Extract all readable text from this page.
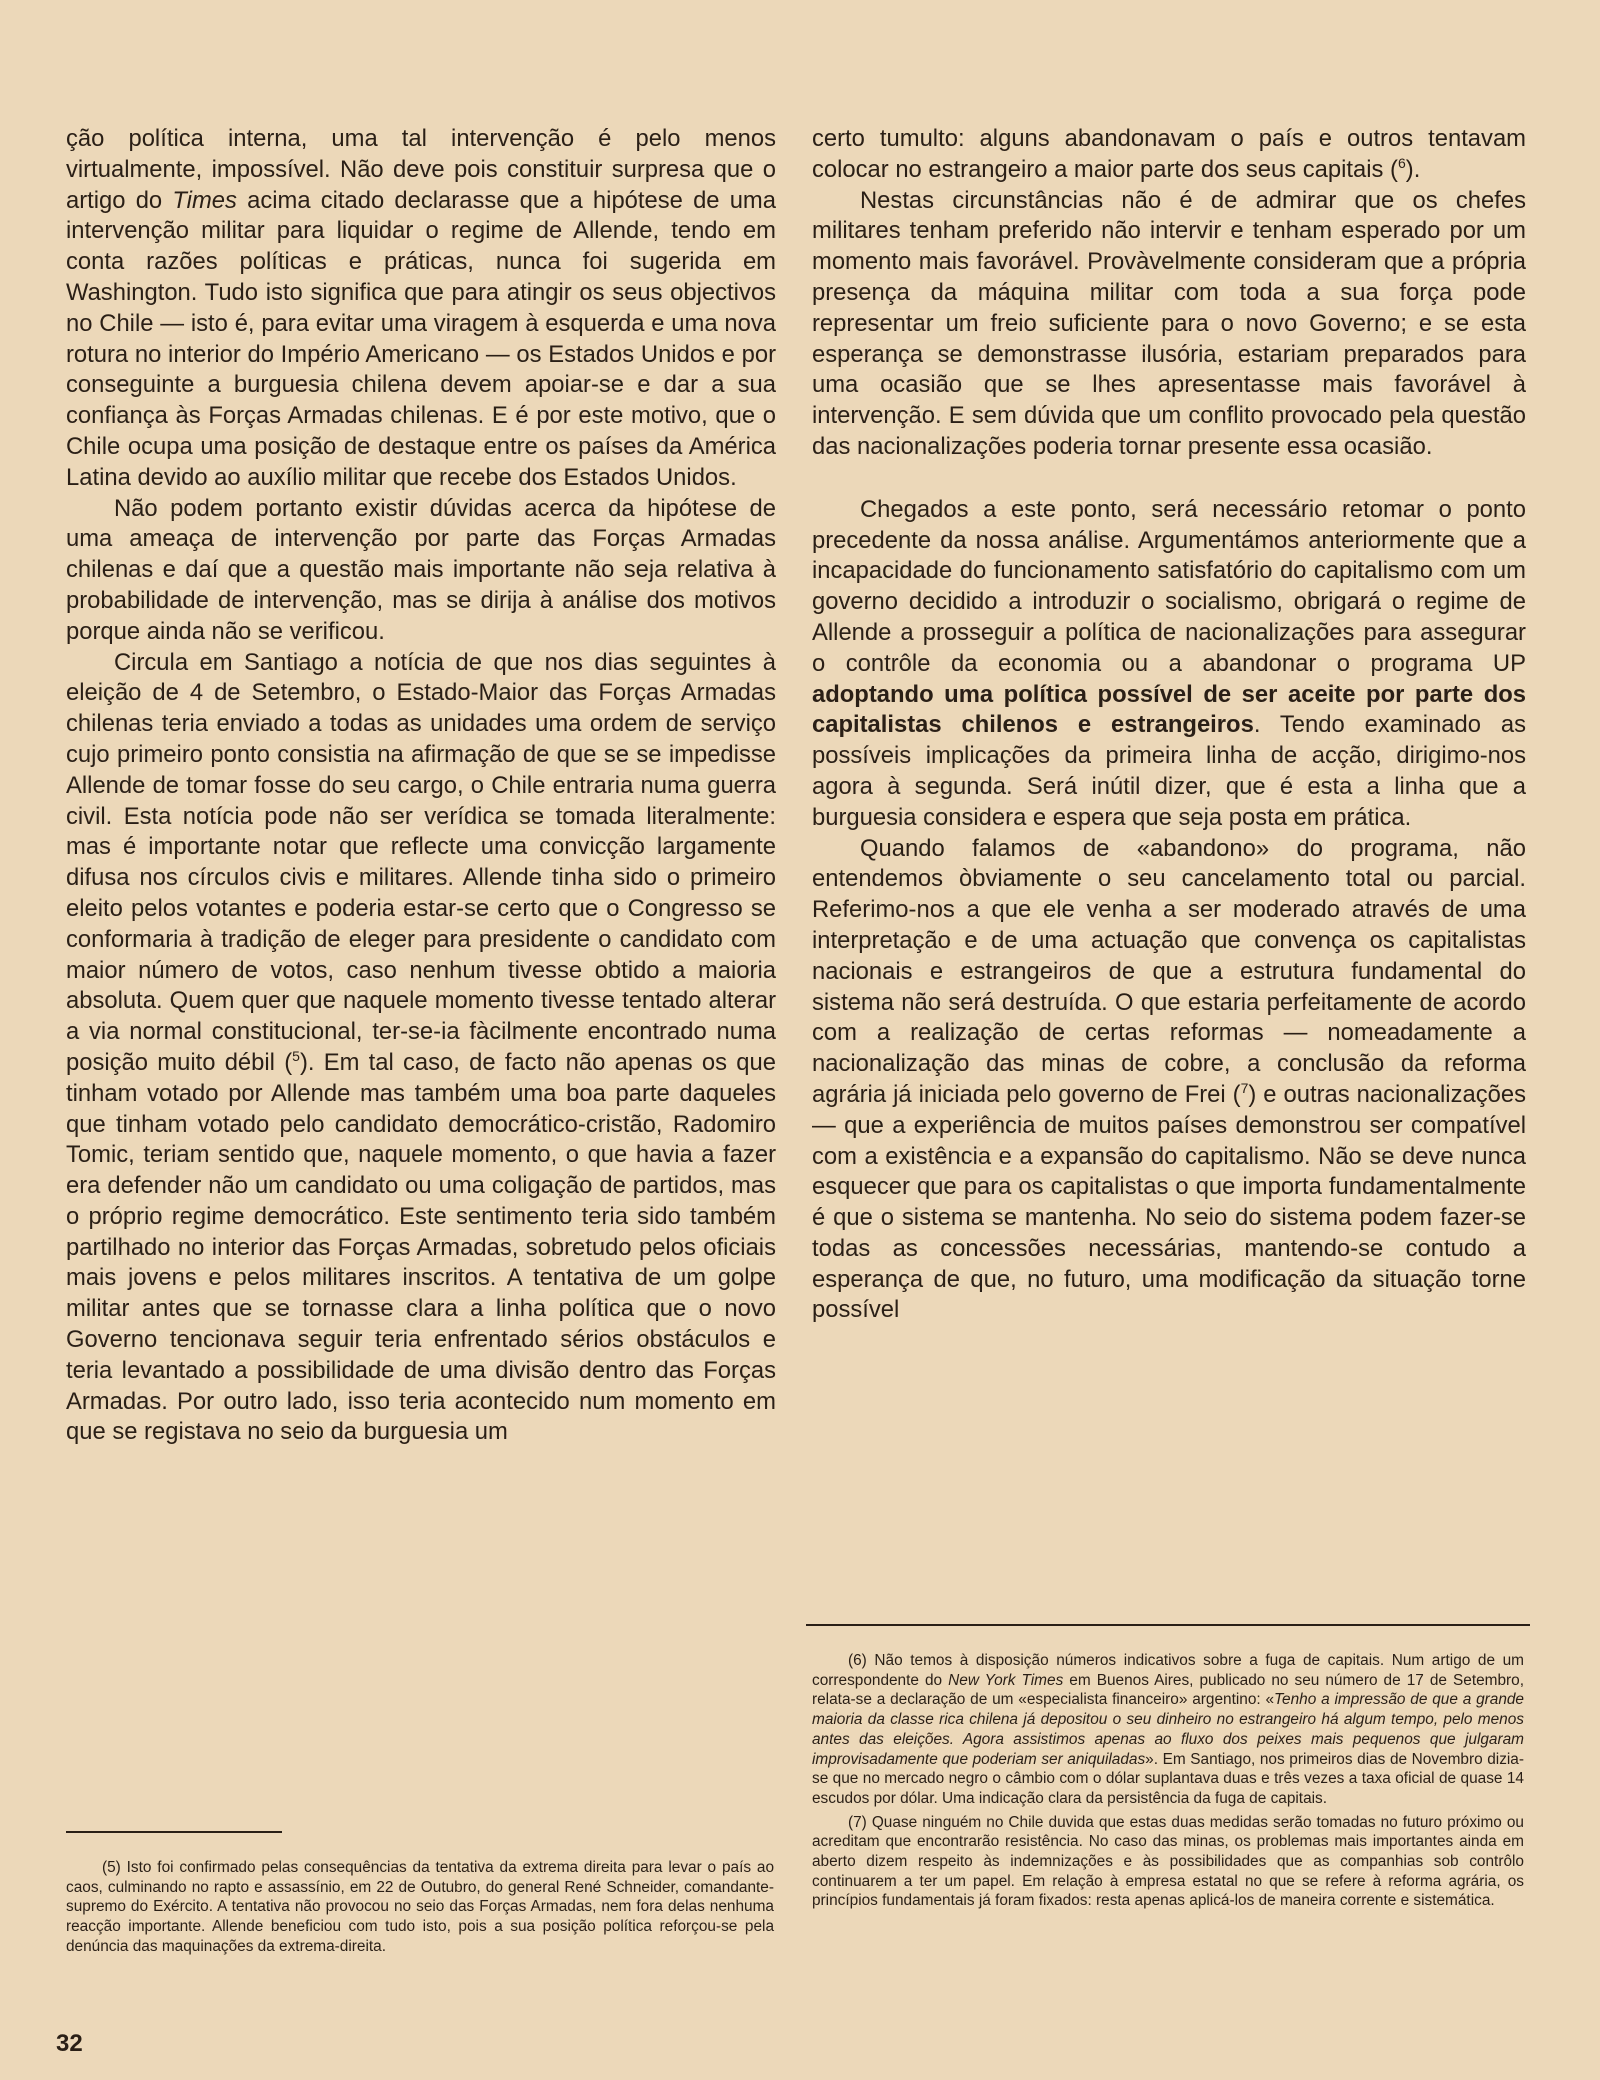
ção política interna, uma tal intervenção é pelo menos virtualmente, impossível. Não deve pois constituir surpresa que o artigo do Times acima citado declarasse que a hipótese de uma intervenção militar para liquidar o regime de Allende, tendo em conta razões políticas e práticas, nunca foi sugerida em Washington. Tudo isto significa que para atingir os seus objectivos no Chile — isto é, para evitar uma viragem à esquerda e uma nova rotura no interior do Império Americano — os Estados Unidos e por conseguinte a burguesia chilena devem apoiar-se e dar a sua confiança às Forças Armadas chilenas. E é por este motivo, que o Chile ocupa uma posição de destaque entre os países da América Latina devido ao auxílio militar que recebe dos Estados Unidos.

Não podem portanto existir dúvidas acerca da hipótese de uma ameaça de intervenção por parte das Forças Armadas chilenas e daí que a questão mais importante não seja relativa à probabilidade de intervenção, mas se dirija à análise dos motivos porque ainda não se verificou.

Circula em Santiago a notícia de que nos dias seguintes à eleição de 4 de Setembro, o Estado-Maior das Forças Armadas chilenas teria enviado a todas as unidades uma ordem de serviço cujo primeiro ponto consistia na afirmação de que se se impedisse Allende de tomar fosse do seu cargo, o Chile entraria numa guerra civil. Esta notícia pode não ser verídica se tomada literalmente: mas é importante notar que reflecte uma convicção largamente difusa nos círculos civis e militares. Allende tinha sido o primeiro eleito pelos votantes e poderia estar-se certo que o Congresso se conformaria à tradição de eleger para presidente o candidato com maior número de votos, caso nenhum tivesse obtido a maioria absoluta. Quem quer que naquele momento tivesse tentado alterar a via normal constitucional, ter-se-ia fàcilmente encontrado numa posição muito débil ($^5$). Em tal caso, de facto não apenas os que tinham votado por Allende mas também uma boa parte daqueles que tinham votado pelo candidato democrático-cristão, Radomiro Tomic, teriam sentido que, naquele momento, o que havia a fazer era defender não um candidato ou uma coligação de partidos, mas o próprio regime democrático. Este sentimento teria sido também partilhado no interior das Forças Armadas, sobretudo pelos oficiais mais jovens e pelos militares inscritos. A tentativa de um golpe militar antes que se tornasse clara a linha política que o novo Governo tencionava seguir teria enfrentado sérios obstáculos e teria levantado a possibilidade de uma divisão dentro das Forças Armadas. Por outro lado, isso teria acontecido num momento em que se registava no seio da burguesia um

certo tumulto: alguns abandonavam o país e outros tentavam colocar no estrangeiro a maior parte dos seus capitais ($^6$).

Nestas circunstâncias não é de admirar que os chefes militares tenham preferido não intervir e tenham esperado por um momento mais favorável. Provàvelmente consideram que a própria presença da máquina militar com toda a sua força pode representar um freio suficiente para o novo Governo; e se esta esperança se demonstrasse ilusória, estariam preparados para uma ocasião que se lhes apresentasse mais favorável à intervenção. E sem dúvida que um conflito provocado pela questão das nacionalizações poderia tornar presente essa ocasião.

Chegados a este ponto, será necessário retomar o ponto precedente da nossa análise. Argumentámos anteriormente que a incapacidade do funcionamento satisfatório do capitalismo com um governo decidido a introduzir o socialismo, obrigará o regime de Allende a prosseguir a política de nacionalizações para assegurar o contrôle da economia ou a abandonar o programa UP adoptando uma política possível de ser aceite por parte dos capitalistas chilenos e estrangeiros. Tendo examinado as possíveis implicações da primeira linha de acção, dirigimo-nos agora à segunda. Será inútil dizer, que é esta a linha que a burguesia considera e espera que seja posta em prática.

Quando falamos de «abandono» do programa, não entendemos òbviamente o seu cancelamento total ou parcial. Referimo-nos a que ele venha a ser moderado através de uma interpretação e de uma actuação que convença os capitalistas nacionais e estrangeiros de que a estrutura fundamental do sistema não será destruída. O que estaria perfeitamente de acordo com a realização de certas reformas — nomeadamente a nacionalização das minas de cobre, a conclusão da reforma agrária já iniciada pelo governo de Frei ($^7$) e outras nacionalizações — que a experiência de muitos países demonstrou ser compatível com a existência e a expansão do capitalismo. Não se deve nunca esquecer que para os capitalistas o que importa fundamentalmente é que o sistema se mantenha. No seio do sistema podem fazer-se todas as concessões necessárias, mantendo-se contudo a esperança de que, no futuro, uma modificação da situação torne possível

(5) Isto foi confirmado pelas consequências da tentativa da extrema direita para levar o país ao caos, culminando no rapto e assassínio, em 22 de Outubro, do general René Schneider, comandante-supremo do Exército. A tentativa não provocou no seio das Forças Armadas, nem fora delas nenhuma reacção importante. Allende beneficiou com tudo isto, pois a sua posição política reforçou-se pela denúncia das maquinações da extrema-direita.

(6) Não temos à disposição números indicativos sobre a fuga de capitais. Num artigo de um correspondente do New York Times em Buenos Aires, publicado no seu número de 17 de Setembro, relata-se a declaração de um «especialista financeiro» argentino: «Tenho a impressão de que a grande maioria da classe rica chilena já depositou o seu dinheiro no estrangeiro há algum tempo, pelo menos antes das eleições. Agora assistimos apenas ao fluxo dos peixes mais pequenos que julgaram improvisadamente que poderiam ser aniquiladas». Em Santiago, nos primeiros dias de Novembro dizia-se que no mercado negro o câmbio com o dólar suplantava duas e três vezes a taxa oficial de quase 14 escudos por dólar. Uma indicação clara da persistência da fuga de capitais.

(7) Quase ninguém no Chile duvida que estas duas medidas serão tomadas no futuro próximo ou acreditam que encontrarão resistência. No caso das minas, os problemas mais importantes ainda em aberto dizem respeito às indemnizações e às possibilidades que as companhias sob contrôlo continuarem a ter um papel. Em relação à empresa estatal no que se refere à reforma agrária, os princípios fundamentais já foram fixados: resta apenas aplicá-los de maneira corrente e sistemática.

32
